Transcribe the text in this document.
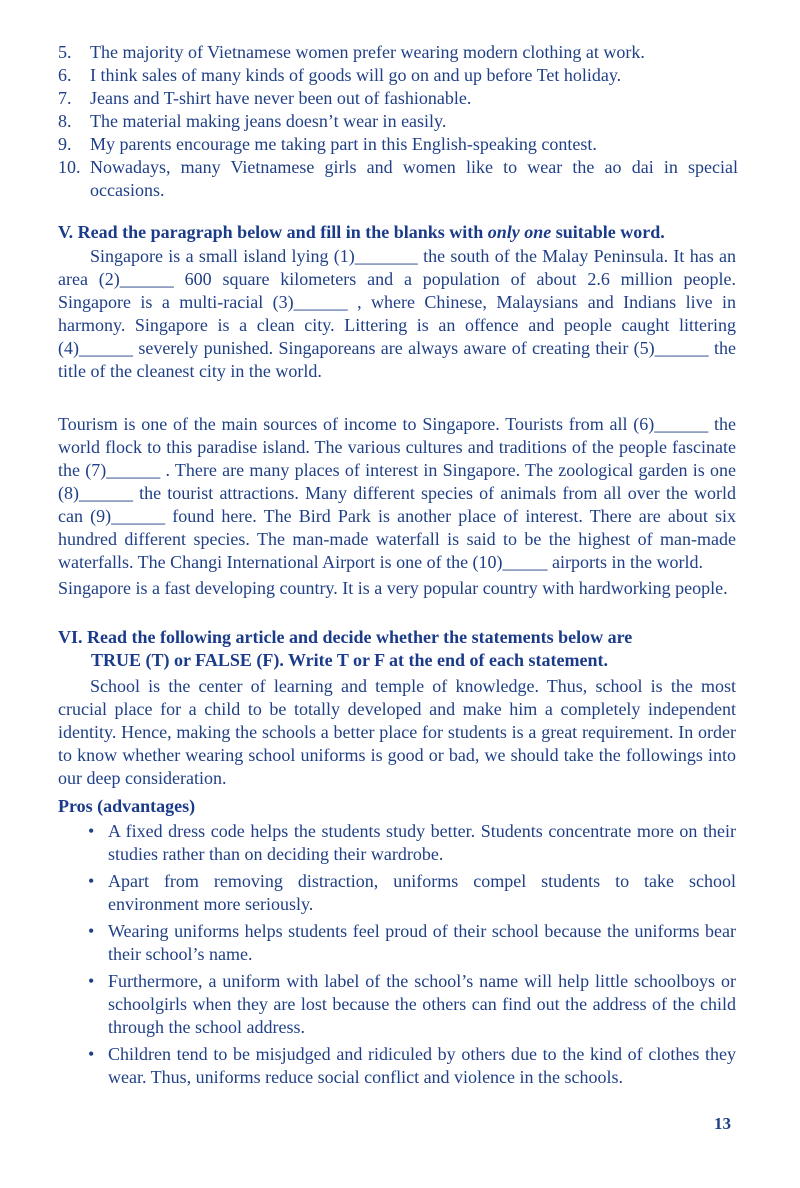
5.	The majority of Vietnamese women prefer wearing modern clothing at work.
6.	I think sales of many kinds of goods will go on and up before Tet holiday.
7.	Jeans and T-shirt have never been out of fashionable.
8.	The material making jeans doesn’t wear in easily.
9.	My parents encourage me taking part in this English-speaking contest.
10. Nowadays, many Vietnamese girls and women like to wear the ao dai in special occasions.
V. Read the paragraph below and fill in the blanks with only one suitable word.
Singapore is a small island lying (1)_______ the south of the Malay Peninsula. It has an area (2)______ 600 square kilometers and a population of about 2.6 million people. Singapore is a multi-racial (3)______ , where Chinese, Malaysians and Indians live in harmony. Singapore is a clean city. Littering is an offence and people caught littering (4)______ severely punished. Singaporeans are always aware of creating their (5)______ the title of the cleanest city in the world.
Tourism is one of the main sources of income to Singapore. Tourists from all (6)______ the world flock to this paradise island. The various cultures and traditions of the people fascinate the (7)______ . There are many places of interest in Singapore. The zoological garden is one (8)______ the tourist attractions. Many different species of animals from all over the world can (9)______ found here. The Bird Park is another place of interest. There are about six hundred different species. The man-made waterfall is said to be the highest of man-made waterfalls. The Changi International Airport is one of the (10)_____ airports in the world.
Singapore is a fast developing country. It is a very popular country with hardworking people.
VI. Read the following article and decide whether the statements below are
TRUE (T) or FALSE (F). Write T or F at the end of each statement.
School is the center of learning and temple of knowledge. Thus, school is the most crucial place for a child to be totally developed and make him a completely independent identity. Hence, making the schools a better place for students is a great requirement. In order to know whether wearing school uniforms is good or bad, we should take the followings into our deep consideration.
Pros (advantages)
• A fixed dress code helps the students study better. Students concentrate more on their studies rather than on deciding their wardrobe.
• Apart from removing distraction, uniforms compel students to take school environment more seriously.
• Wearing uniforms helps students feel proud of their school because the uniforms bear their school’s name.
• Furthermore, a uniform with label of the school’s name will help little schoolboys or schoolgirls when they are lost because the others can find out the address of the child through the school address.
• Children tend to be misjudged and ridiculed by others due to the kind of clothes they wear. Thus, uniforms reduce social conflict and violence in the schools.
13
